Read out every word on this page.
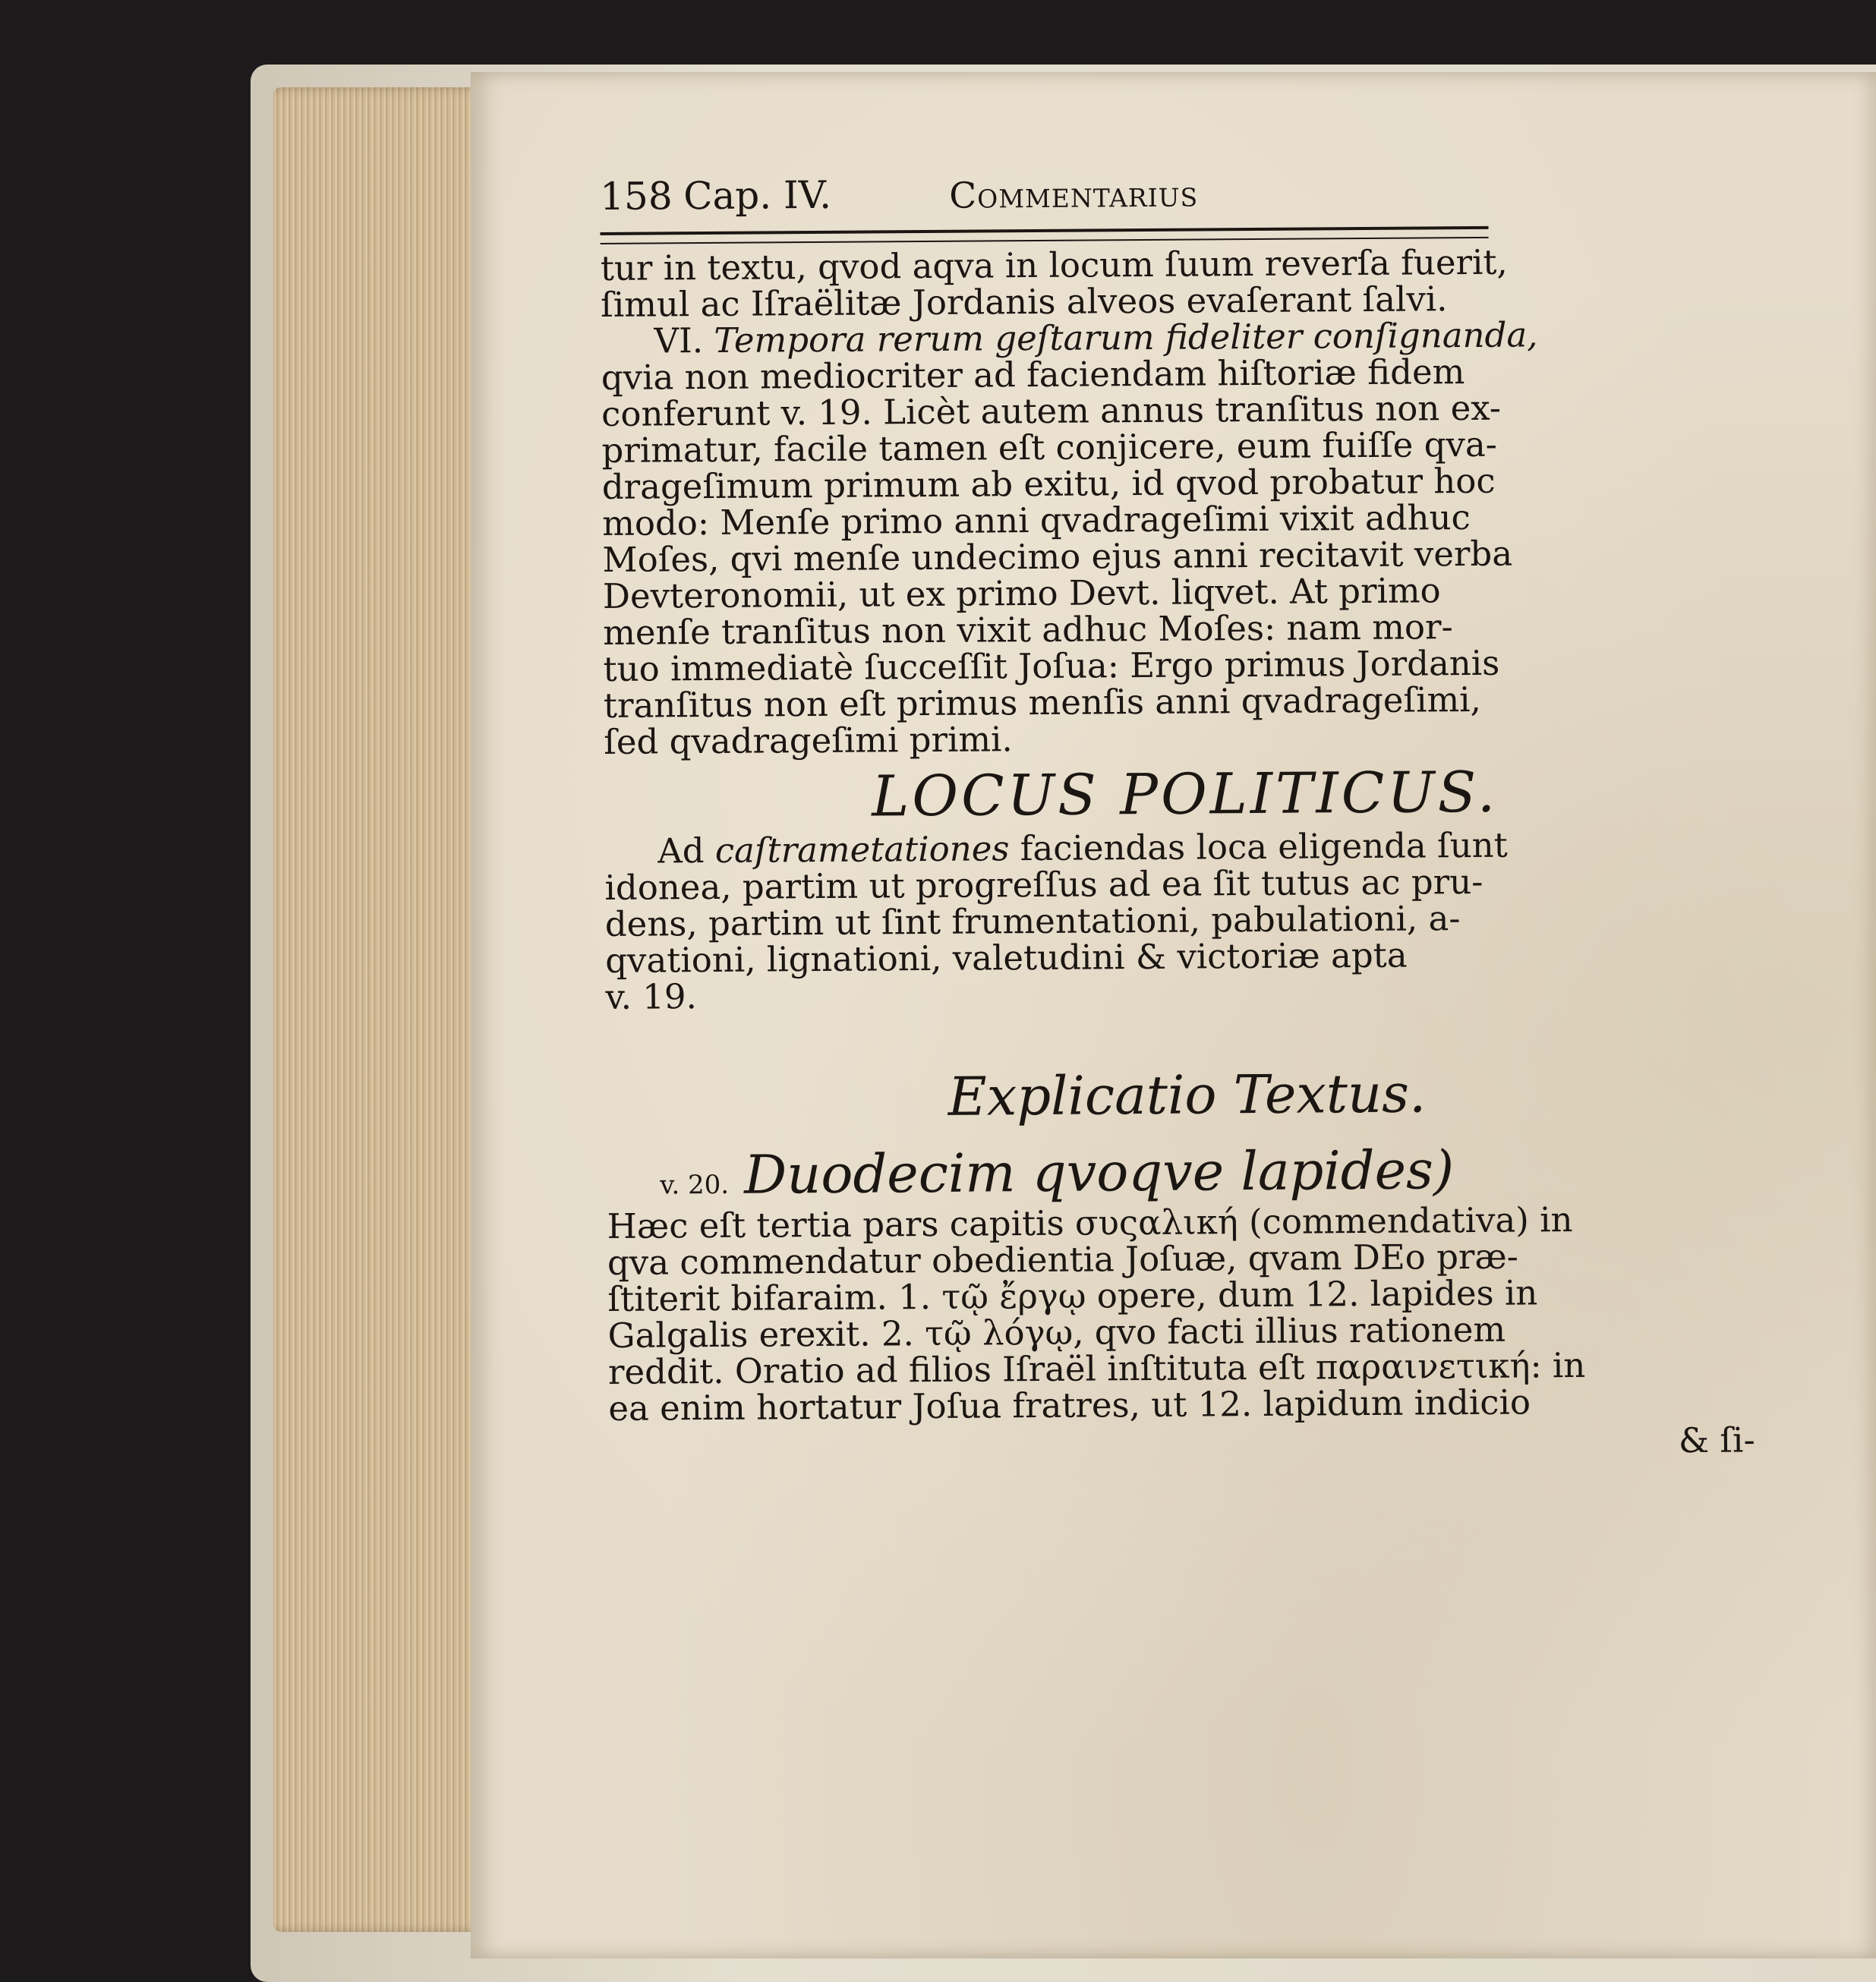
158 Cap. IV.	Commentarius

tur in textu, qvod aqva in locum ſuum reverſa fuerit,
ſimul ac Iſraëlitæ Jordanis alveos evaſerant ſalvi.

VI. Tempora rerum geſtarum fideliter conſignanda,
qvia non mediocriter ad faciendam hiſtoriæ fidem
conferunt v. 19. Licèt autem annus tranſitus non ex-
primatur, facile tamen eſt conjicere, eum fuiſſe qva-
drageſimum primum ab exitu, id qvod probatur hoc
modo: Menſe primo anni qvadrageſimi vixit adhuc
Moſes, qvi menſe undecimo ejus anni recitavit verba
Devteronomii, ut ex primo Devt. liqvet. At primo
menſe tranſitus non vixit adhuc Moſes: nam mor-
tuo immediatè ſucceſſit Joſua: Ergo primus Jordanis
tranſitus non eſt primus menſis anni qvadrageſimi,
ſed qvadrageſimi primi.

LOCUS POLITICUS.

Ad caſtrametationes faciendas loca eligenda ſunt
idonea, partim ut progreſſus ad ea ſit tutus ac pru-
dens, partim ut ſint frumentationi, pabulationi, a-
qvationi, lignationi, valetudini & victoriæ apta
v. 19.

Explicatio Textus.
v. 20. Duodecim qvoqve lapides)

Hæc eſt tertia pars capitis συςαλική (commendativa) in
qva commendatur obedientia Joſuæ, qvam DEo præ-
ſtiterit bifaraim. 1. τῷ ἔργῳ opere, dum 12. lapides in
Galgalis erexit. 2. τῷ λόγῳ, qvo facti illius rationem
reddit. Oratio ad filios Iſraël inſtituta eſt παραινετική: in
ea enim hortatur Joſua fratres, ut 12. lapidum indicio

& ſi-
